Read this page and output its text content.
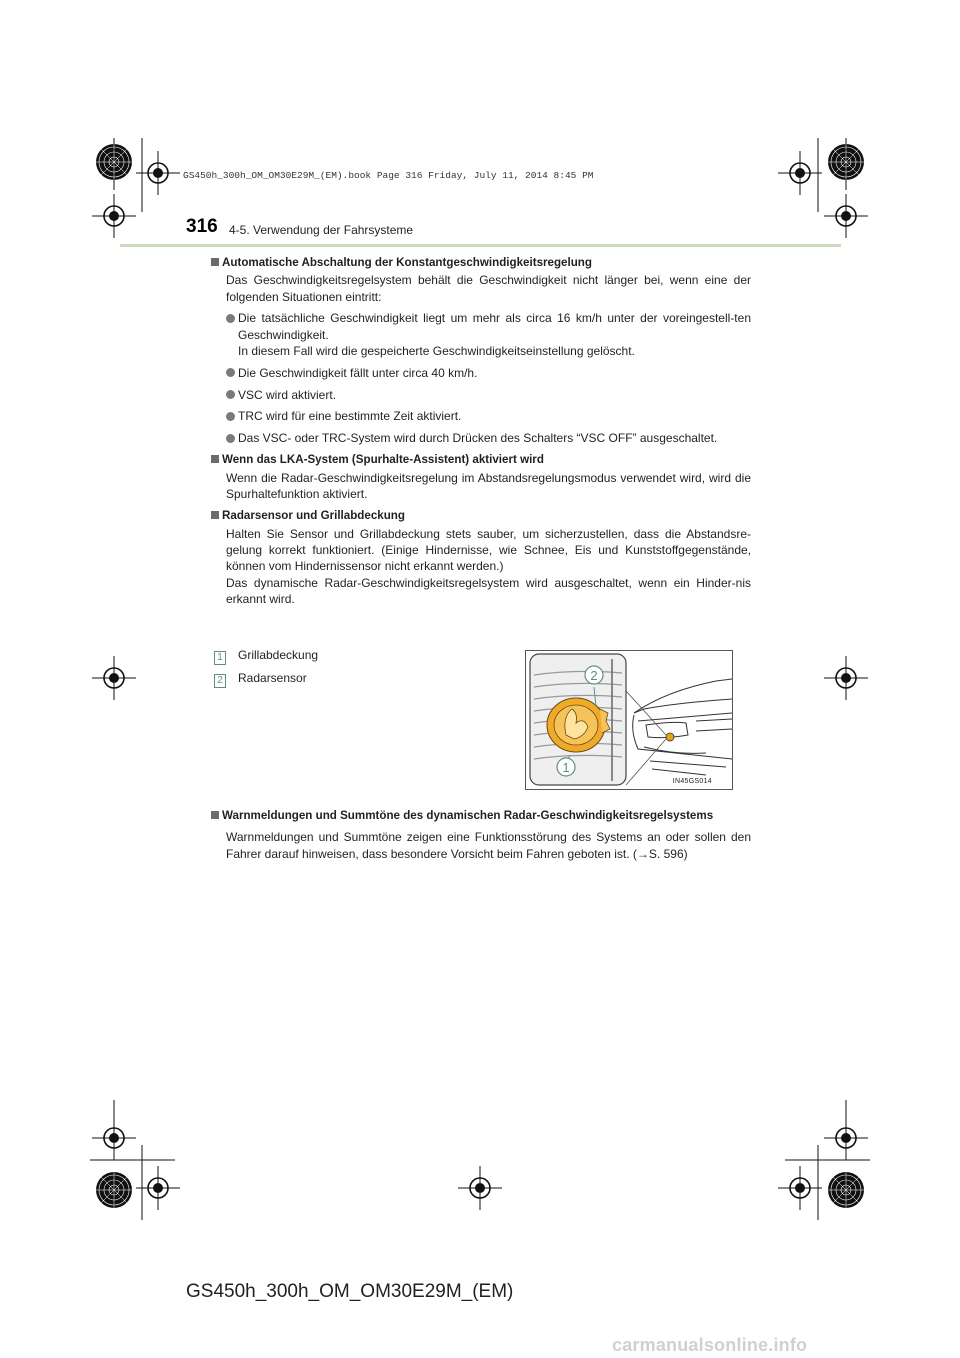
GS450h_300h_OM_OM30E29M_(EM).book Page 316 Friday, July 11, 2014 8:45 PM
316 4-5. Verwendung der Fahrsysteme
Automatische Abschaltung der Konstantgeschwindigkeitsregelung
Das Geschwindigkeitsregelsystem behält die Geschwindigkeit nicht länger bei, wenn eine der folgenden Situationen eintritt:
Die tatsächliche Geschwindigkeit liegt um mehr als circa 16 km/h unter der voreingestell-ten Geschwindigkeit.
In diesem Fall wird die gespeicherte Geschwindigkeitseinstellung gelöscht.
Die Geschwindigkeit fällt unter circa 40 km/h.
VSC wird aktiviert.
TRC wird für eine bestimmte Zeit aktiviert.
Das VSC- oder TRC-System wird durch Drücken des Schalters “VSC OFF” ausgeschaltet.
Wenn das LKA-System (Spurhalte-Assistent) aktiviert wird
Wenn die Radar-Geschwindigkeitsregelung im Abstandsregelungsmodus verwendet wird, wird die Spurhaltefunktion aktiviert.
Radarsensor und Grillabdeckung
Halten Sie Sensor und Grillabdeckung stets sauber, um sicherzustellen, dass die Abstandsre-gelung korrekt funktioniert. (Einige Hindernisse, wie Schnee, Eis und Kunststoffgegenstände, können vom Hindernissensor nicht erkannt werden.)
Das dynamische Radar-Geschwindigkeitsregelsystem wird ausgeschaltet, wenn ein Hinder-nis erkannt wird.
1 Grillabdeckung
2 Radarsensor	2
1
IN45GS014
Warnmeldungen und Summtöne des dynamischen Radar-Geschwindigkeitsregelsystems
Warnmeldungen und Summtöne zeigen eine Funktionsstörung des Systems an oder sollen den Fahrer darauf hinweisen, dass besondere Vorsicht beim Fahren geboten ist. (→S. 596)
GS450h_300h_OM_OM30E29M_(EM)
carmanualsonline.info
